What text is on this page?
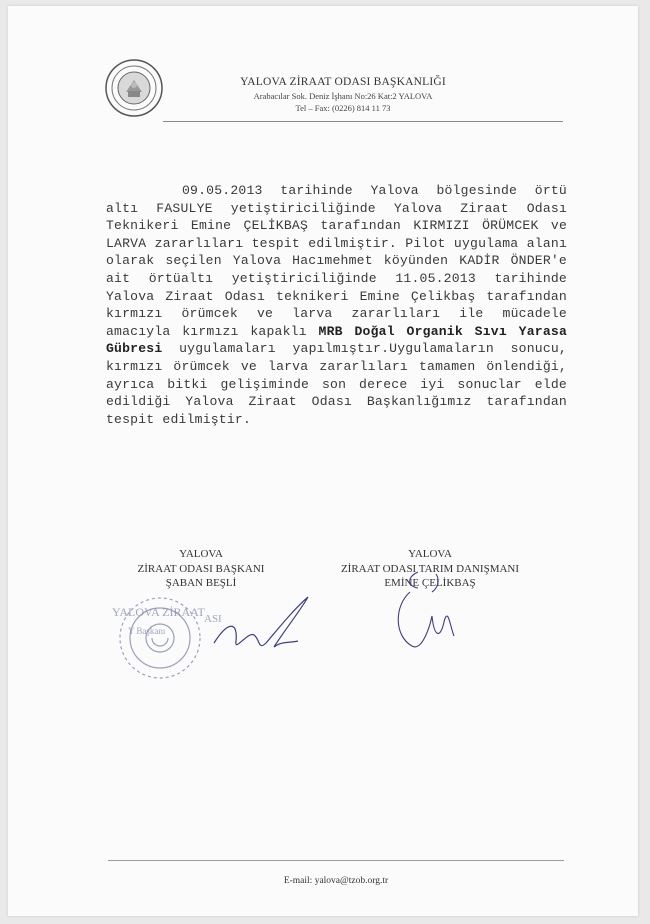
YALOVA ZİRAAT ODASI BAŞKANLIĞI
Arabacılar Sok. Deniz İşhanı No:26 Kat:2 YALOVA
Tel – Fax: (0226) 814 11 73
09.05.2013 tarihinde Yalova bölgesinde örtü altı FASULYE yetiştiriciliğinde Yalova Ziraat Odası Teknikeri Emine ÇELİKBAŞ tarafından KIRMIZI ÖRÜMCEK ve LARVA zararlıları tespit edilmiştir. Pilot uygulama alanı olarak seçilen Yalova Hacımehmet köyünden KADİR ÖNDER'e ait örtüaltı yetiştiriciliğinde 11.05.2013 tarihinde Yalova Ziraat Odası teknikeri Emine Çelikbaş tarafından kırmızı örümcek ve larva zararlıları ile mücadele amacıyla kırmızı kapaklı MRB Doğal Organik Sıvı Yarasa Gübresi uygulamaları yapılmıştır.Uygulamaların sonucu, kırmızı örümcek ve larva zararlıları tamamen önlendiği, ayrıca bitki gelişiminde son derece iyi sonuclar elde edildiği Yalova Ziraat Odası Başkanlığımız tarafından tespit edilmiştir.
YALOVA
ZİRAAT ODASI BAŞKANI
ŞABAN BEŞLİ
YALOVA
ZİRAAT ODASI TARIM DANIŞMANI
EMİNE ÇELİKBAŞ
YALOVA ZİRAAT ASI
Y Başkanı
E-mail: yalova@tzob.org.tr
